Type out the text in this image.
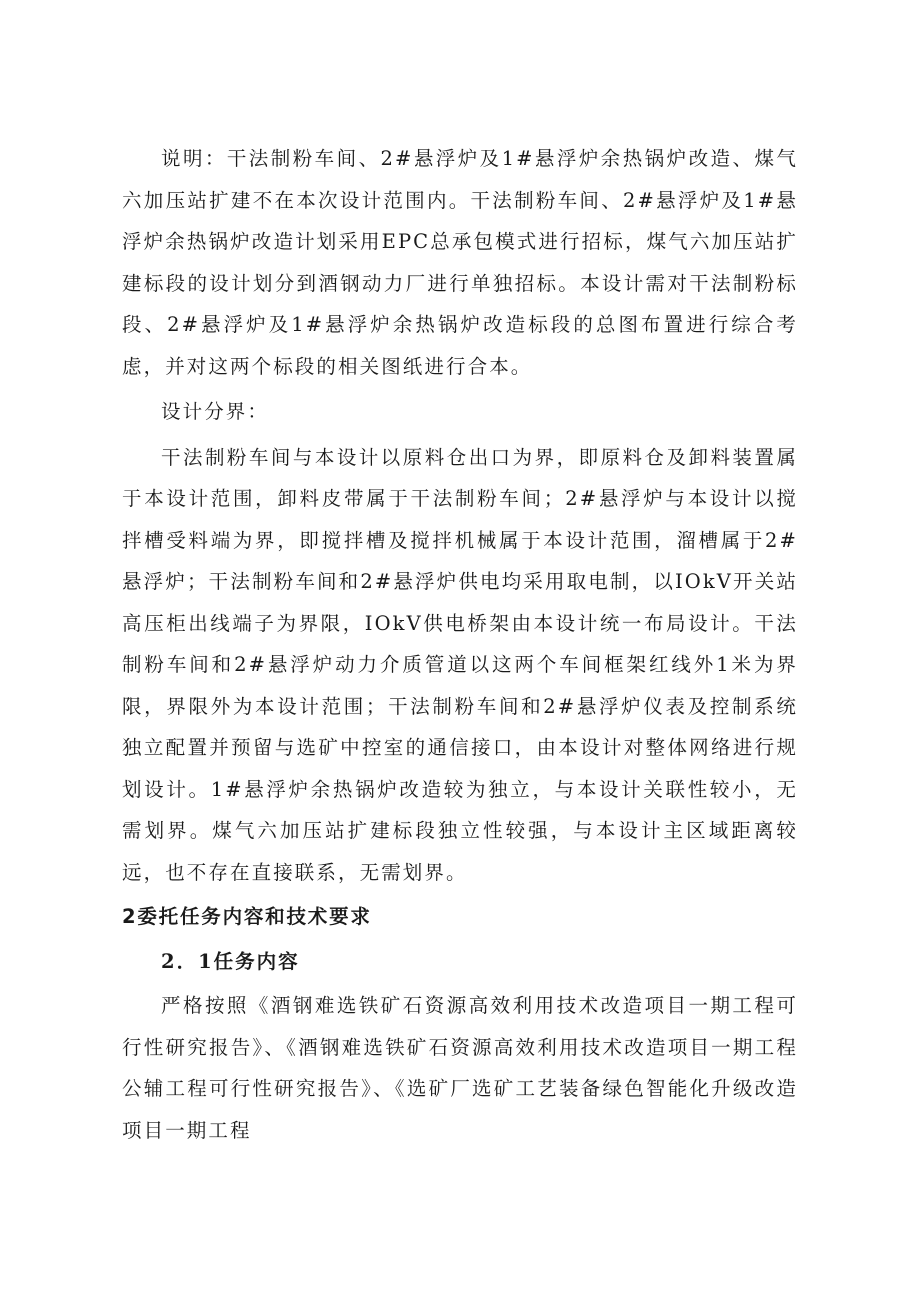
说明：干法制粉车间、2#悬浮炉及1#悬浮炉余热锅炉改造、煤气六加压站扩建不在本次设计范围内。干法制粉车间、2#悬浮炉及1#悬浮炉余热锅炉改造计划采用EPC总承包模式进行招标，煤气六加压站扩建标段的设计划分到酒钢动力厂进行单独招标。本设计需对干法制粉标段、2#悬浮炉及1#悬浮炉余热锅炉改造标段的总图布置进行综合考虑，并对这两个标段的相关图纸进行合本。

设计分界：

干法制粉车间与本设计以原料仓出口为界，即原料仓及卸料装置属于本设计范围，卸料皮带属于干法制粉车间；2#悬浮炉与本设计以搅拌槽受料端为界，即搅拌槽及搅拌机械属于本设计范围，溜槽属于2#悬浮炉；干法制粉车间和2#悬浮炉供电均采用取电制，以IOkV开关站高压柜出线端子为界限，IOkV供电桥架由本设计统一布局设计。干法制粉车间和2#悬浮炉动力介质管道以这两个车间框架红线外1米为界限，界限外为本设计范围；干法制粉车间和2#悬浮炉仪表及控制系统独立配置并预留与选矿中控室的通信接口，由本设计对整体网络进行规划设计。1#悬浮炉余热锅炉改造较为独立，与本设计关联性较小，无需划界。煤气六加压站扩建标段独立性较强，与本设计主区域距离较远，也不存在直接联系，无需划界。

2委托任务内容和技术要求
2．1任务内容

严格按照《酒钢难选铁矿石资源高效利用技术改造项目一期工程可行性研究报告》、《酒钢难选铁矿石资源高效利用技术改造项目一期工程公辅工程可行性研究报告》、《选矿厂选矿工艺装备绿色智能化升级改造项目一期工程
